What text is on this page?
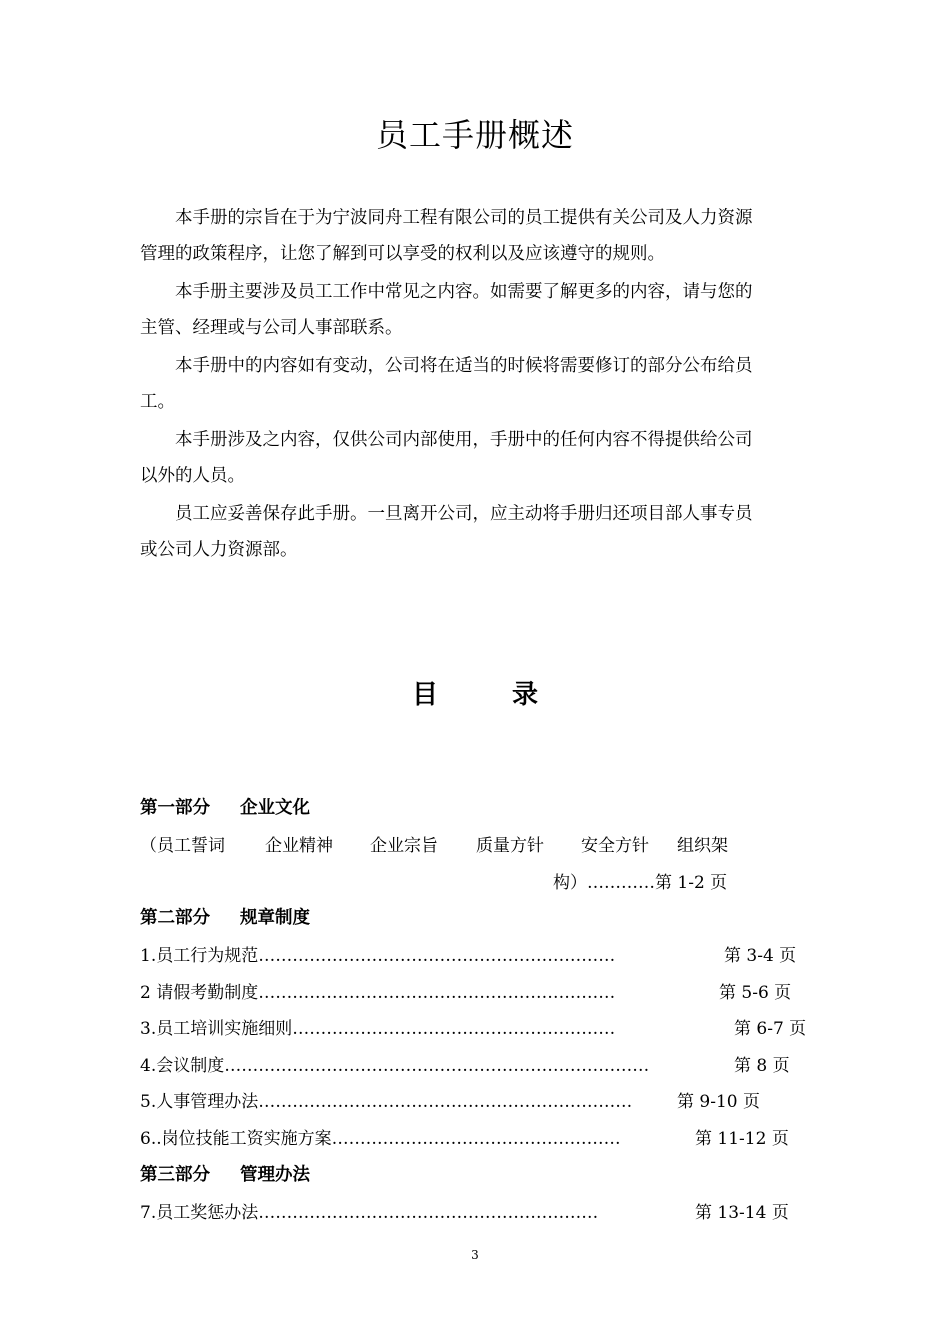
员工手册概述
本手册的宗旨在于为宁波同舟工程有限公司的员工提供有关公司及人力资源
管理的政策程序，让您了解到可以享受的权利以及应该遵守的规则。
本手册主要涉及员工工作中常见之内容。如需要了解更多的内容，请与您的
主管、经理或与公司人事部联系。
本手册中的内容如有变动，公司将在适当的时候将需要修订的部分公布给员
工。
本手册涉及之内容，仅供公司内部使用，手册中的任何内容不得提供给公司
以外的人员。
员工应妥善保存此手册。一旦离开公司，应主动将手册归还项目部人事专员
或公司人力资源部。
目	录
第一部分 企业文化
（员工誓词 企业精神 企业宗旨 质量方针 安全方针 组织架
构）…………第 1-2 页
第二部分 规章制度
1.员工行为规范………………………………………………………	第 3-4 页
2 请假考勤制度………………………………………………………	第 5-6 页
3.员工培训实施细则…………………………………………………	第 6-7 页
4.会议制度…………………………………………………………………	第 8 页
5.人事管理办法…………………………………………………………	第 9-10 页
6..岗位技能工资实施方案……………………………………………	第 11-12 页
第三部分 管理办法
7.员工奖惩办法……………………………………………………	第 13-14 页
3
